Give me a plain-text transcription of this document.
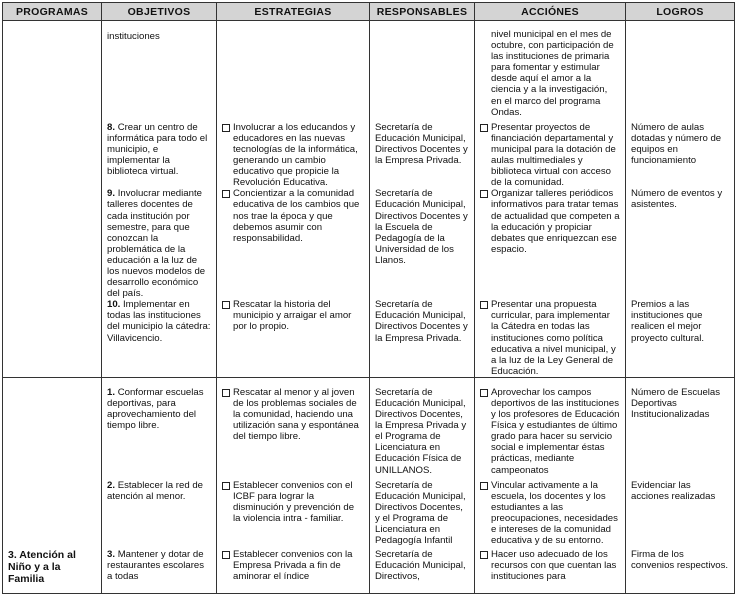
PROGRAMAS	OBJETIVOS	ESTRATEGIAS	RESPONSABLES	ACCIÓNES	LOGROS
	instituciones			nivel municipal en el mes de octubre, con participación de las instituciones de primaria para fomentar y estimular desde aquí el amor a la ciencia y a la investigación, en el marco del programa Ondas.	
	8. Crear un centro de informática para todo el municipio, e implementar la biblioteca virtual.	Involucrar a los educandos y educadores en las nuevas tecnologías de la informática, generando un cambio educativo que propicie la Revolución Educativa.	Secretaría de Educación Municipal, Directivos Docentes y la Empresa Privada.	Presentar proyectos de financiación departamental y municipal para la dotación de aulas multimediales y biblioteca virtual con acceso de la comunidad.	Número de aulas dotadas y número de equipos en funcionamiento
	9. Involucrar mediante talleres docentes de cada institución por semestre, para que conozcan la problemática de la educación a la luz de los nuevos modelos de desarrollo económico del país.	Concientizar a la comunidad educativa de los cambios que nos trae la época y que debemos asumir con responsabilidad.	Secretaría de Educación Municipal, Directivos Docentes y la Escuela de Pedagogía de la Universidad de los Llanos.	Organizar talleres periódicos informativos para tratar temas de actualidad que competen a la educación y propiciar debates que enriquezcan ese espacio.	Número de eventos y asistentes.
	10. Implementar en todas las instituciones del municipio la cátedra: Villavicencio.	Rescatar la historia del municipio y arraigar el amor por lo propio.	Secretaría de Educación Municipal, Directivos Docentes y la Empresa Privada.	Presentar una propuesta curricular, para implementar la Cátedra en todas las instituciones como política educativa a nivel municipal, y a la luz de la Ley General de Educación.	Premios a las instituciones que realicen el mejor proyecto cultural.
	1. Conformar escuelas deportivas, para aprovechamiento del tiempo libre.	Rescatar al menor y al joven de los problemas sociales de la comunidad, haciendo una utilización sana y espontánea del tiempo libre.	Secretaría de Educación Municipal, Directivos Docentes, la Empresa Privada y el Programa de Licenciatura en Educación Física de UNILLANOS.	Aprovechar los campos deportivos de las instituciones y los profesores de Educación Física y estudiantes de último grado para hacer su servicio social e implementar éstas prácticas, mediante campeonatos	Número de Escuelas Deportivas Institucionalizadas
	2. Establecer la red de atención al menor.	Establecer convenios con el ICBF para lograr la disminución y prevención de la violencia intra - familiar.	Secretaría de Educación Municipal, Directivos Docentes, y el Programa de Licenciatura en Pedagogía Infantil	Vincular activamente a la escuela, los docentes y los estudiantes a las preocupaciones, necesidades e intereses de la comunidad educativa y de su entorno.	Evidenciar las acciones realizadas
3. Atención al Niño y a la Familia	3. Mantener y dotar de restaurantes escolares a todas	Establecer convenios con la Empresa Privada a fin de aminorar el índice	Secretaría de Educación Municipal, Directivos,	Hacer uso adecuado de los recursos con que cuentan las instituciones para	Firma de los convenios respectivos.
